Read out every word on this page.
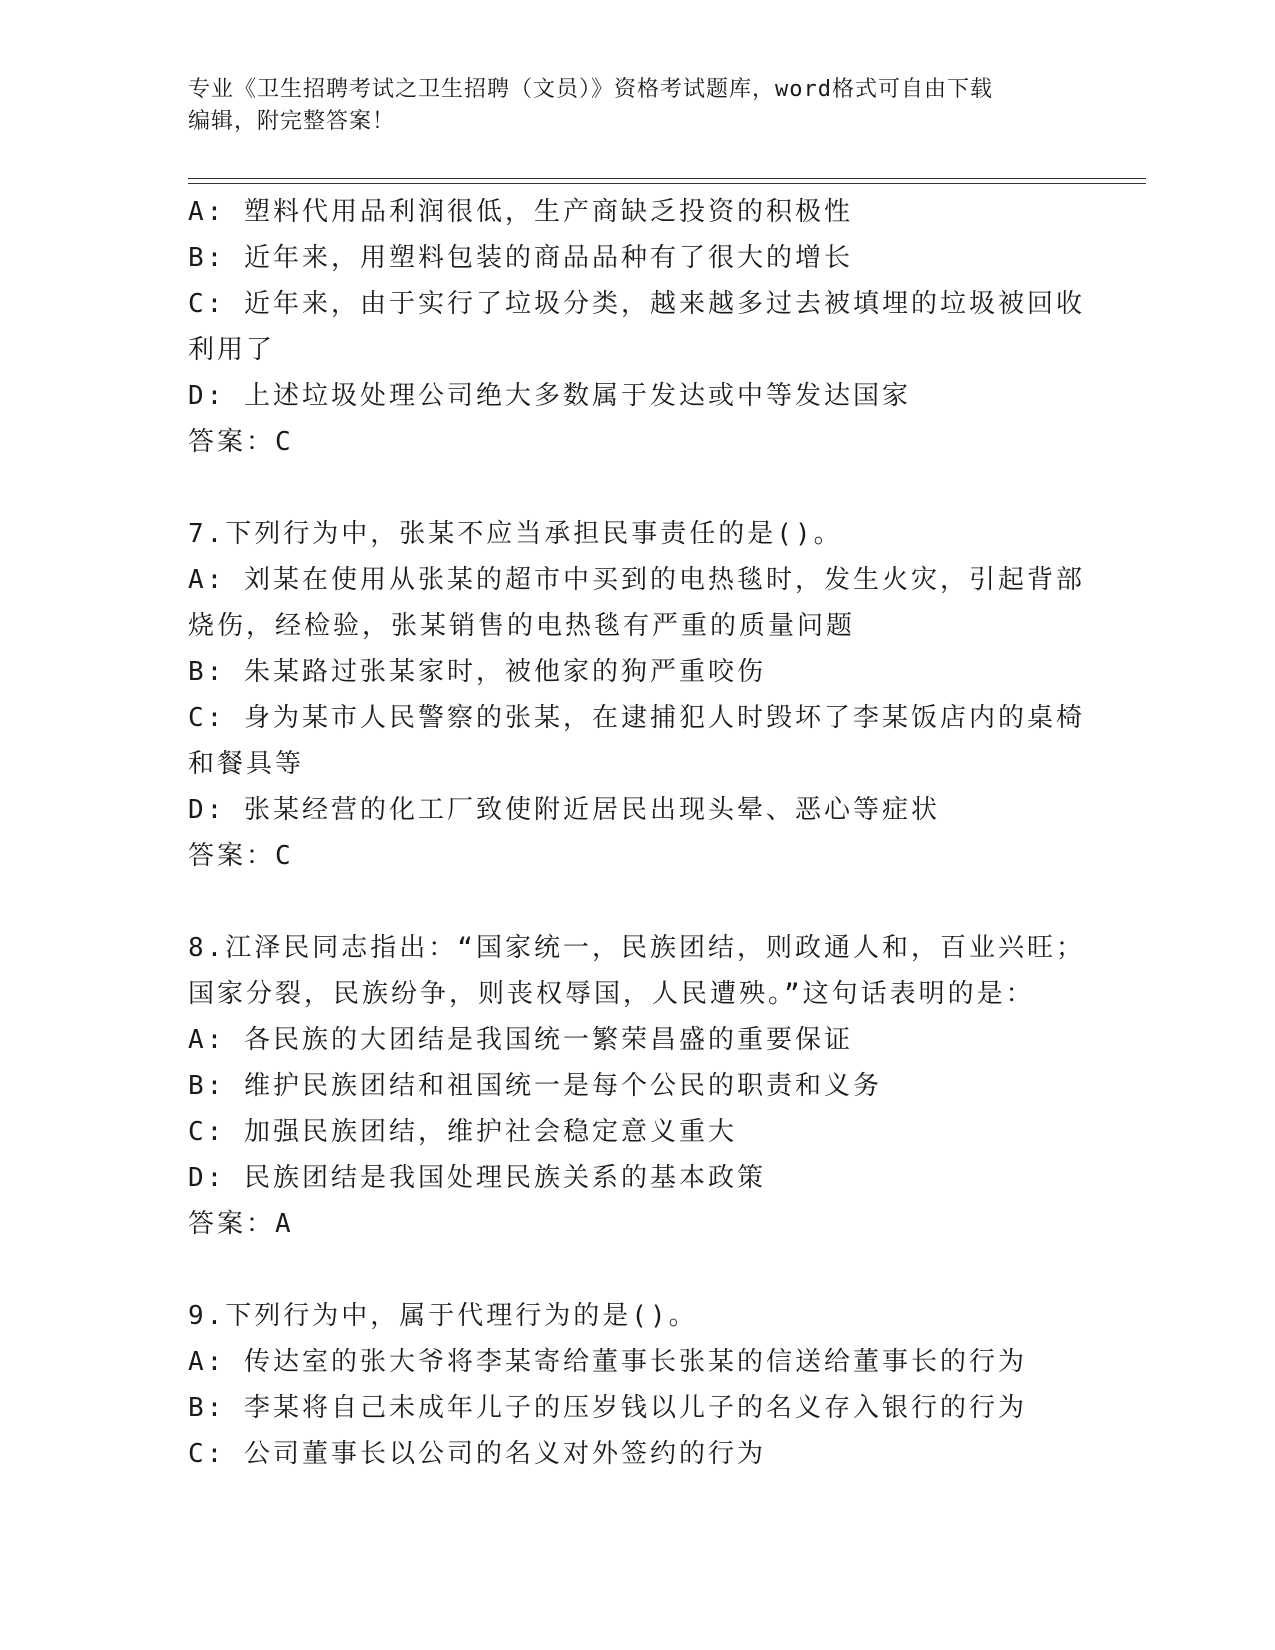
专业《卫生招聘考试之卫生招聘（文员）》资格考试题库，word格式可自由下载
编辑，附完整答案！
A: 塑料代用品利润很低，生产商缺乏投资的积极性
B: 近年来，用塑料包装的商品品种有了很大的增长
C: 近年来，由于实行了垃圾分类，越来越多过去被填埋的垃圾被回收
利用了
D: 上述垃圾处理公司绝大多数属于发达或中等发达国家
答案：C
7.下列行为中，张某不应当承担民事责任的是()。
A: 刘某在使用从张某的超市中买到的电热毯时，发生火灾，引起背部
烧伤，经检验，张某销售的电热毯有严重的质量问题
B: 朱某路过张某家时，被他家的狗严重咬伤
C: 身为某市人民警察的张某，在逮捕犯人时毁坏了李某饭店内的桌椅
和餐具等
D: 张某经营的化工厂致使附近居民出现头晕、恶心等症状
答案：C
8.江泽民同志指出：“国家统一，民族团结，则政通人和，百业兴旺；
国家分裂，民族纷争，则丧权辱国，人民遭殃。”这句话表明的是：
A: 各民族的大团结是我国统一繁荣昌盛的重要保证
B: 维护民族团结和祖国统一是每个公民的职责和义务
C: 加强民族团结，维护社会稳定意义重大
D: 民族团结是我国处理民族关系的基本政策
答案：A
9.下列行为中，属于代理行为的是()。
A: 传达室的张大爷将李某寄给董事长张某的信送给董事长的行为
B: 李某将自己未成年儿子的压岁钱以儿子的名义存入银行的行为
C: 公司董事长以公司的名义对外签约的行为
